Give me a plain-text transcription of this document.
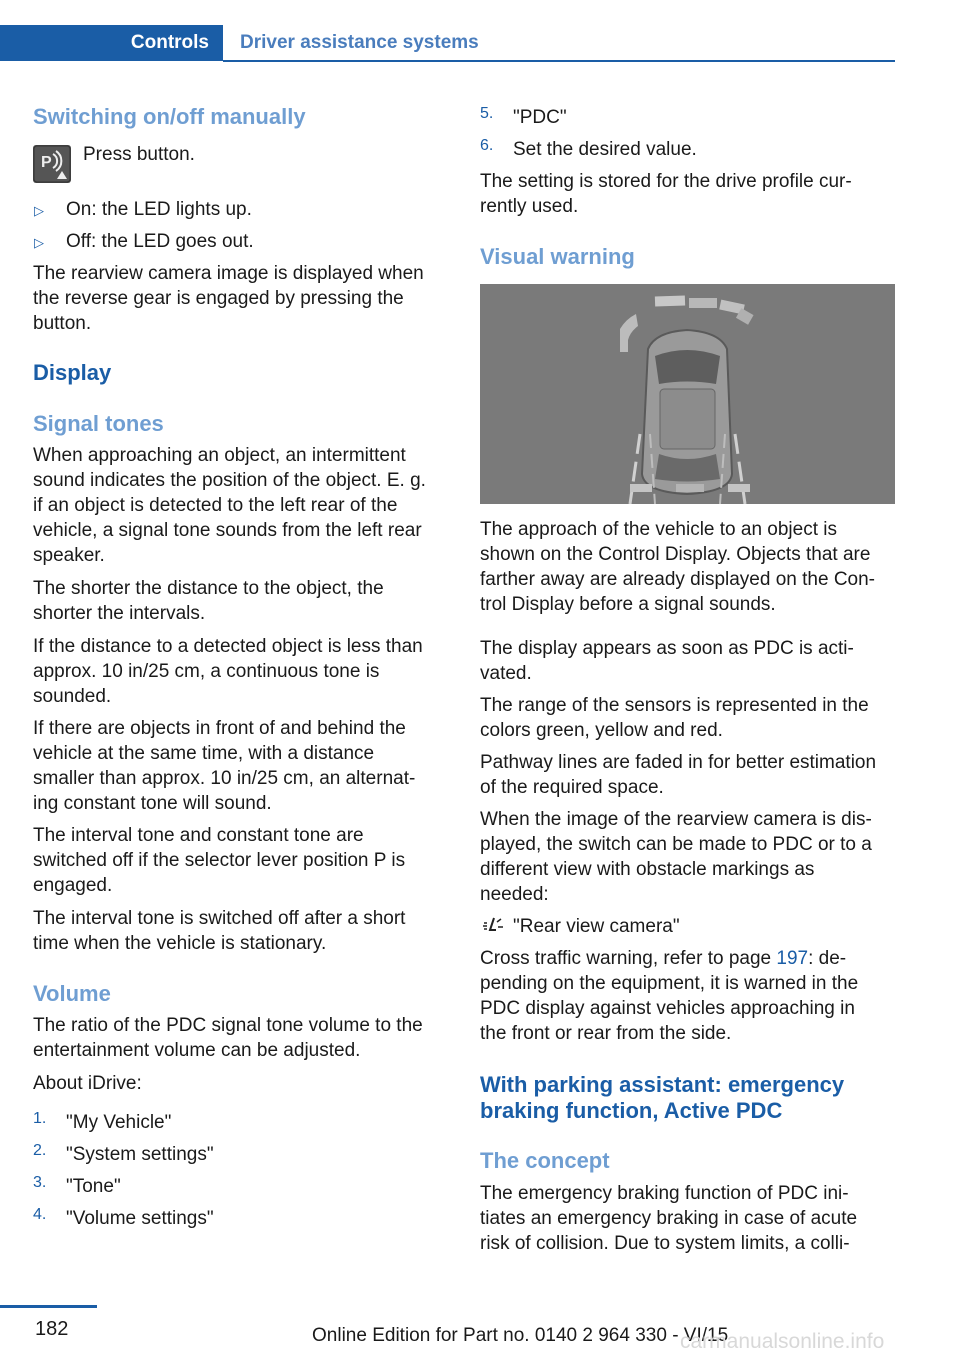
Controls	Driver assistance systems
Switching on/off manually
P Press button.
▷ On: the LED lights up.
▷ Off: the LED goes out.
The rearview camera image is displayed when
the reverse gear is engaged by pressing the
button.
Display
Signal tones
When approaching an object, an intermittent
sound indicates the position of the object. E. g.
if an object is detected to the left rear of the
vehicle, a signal tone sounds from the left rear
speaker.
The shorter the distance to the object, the
shorter the intervals.
If the distance to a detected object is less than
approx. 10 in/25 cm, a continuous tone is
sounded.
If there are objects in front of and behind the
vehicle at the same time, with a distance
smaller than approx. 10 in/25 cm, an alternat‐
ing constant tone will sound.
The interval tone and constant tone are
switched off if the selector lever position P is
engaged.
The interval tone is switched off after a short
time when the vehicle is stationary.
Volume
The ratio of the PDC signal tone volume to the
entertainment volume can be adjusted.
About iDrive:
1. "My Vehicle"
2. "System settings"
3. "Tone"
4. "Volume settings"
5. "PDC"
6. Set the desired value.
The setting is stored for the drive profile cur‐
rently used.
Visual warning
The approach of the vehicle to an object is
shown on the Control Display. Objects that are
farther away are already displayed on the Con‐
trol Display before a signal sounds.
The display appears as soon as PDC is acti‐
vated.
The range of the sensors is represented in the
colors green, yellow and red.
Pathway lines are faded in for better estimation
of the required space.
When the image of the rearview camera is dis‐
played, the switch can be made to PDC or to a
different view with obstacle markings as
needed:
"Rear view camera"
Cross traffic warning, refer to page 197: de‐
pending on the equipment, it is warned in the
PDC display against vehicles approaching in
the front or rear from the side.
With parking assistant: emergency
braking function, Active PDC
The concept
The emergency braking function of PDC ini‐
tiates an emergency braking in case of acute
risk of collision. Due to system limits, a colli‐
182	Online Edition for Part no. 0140 2 964 330 - VI/15
carmanualsonline.info
